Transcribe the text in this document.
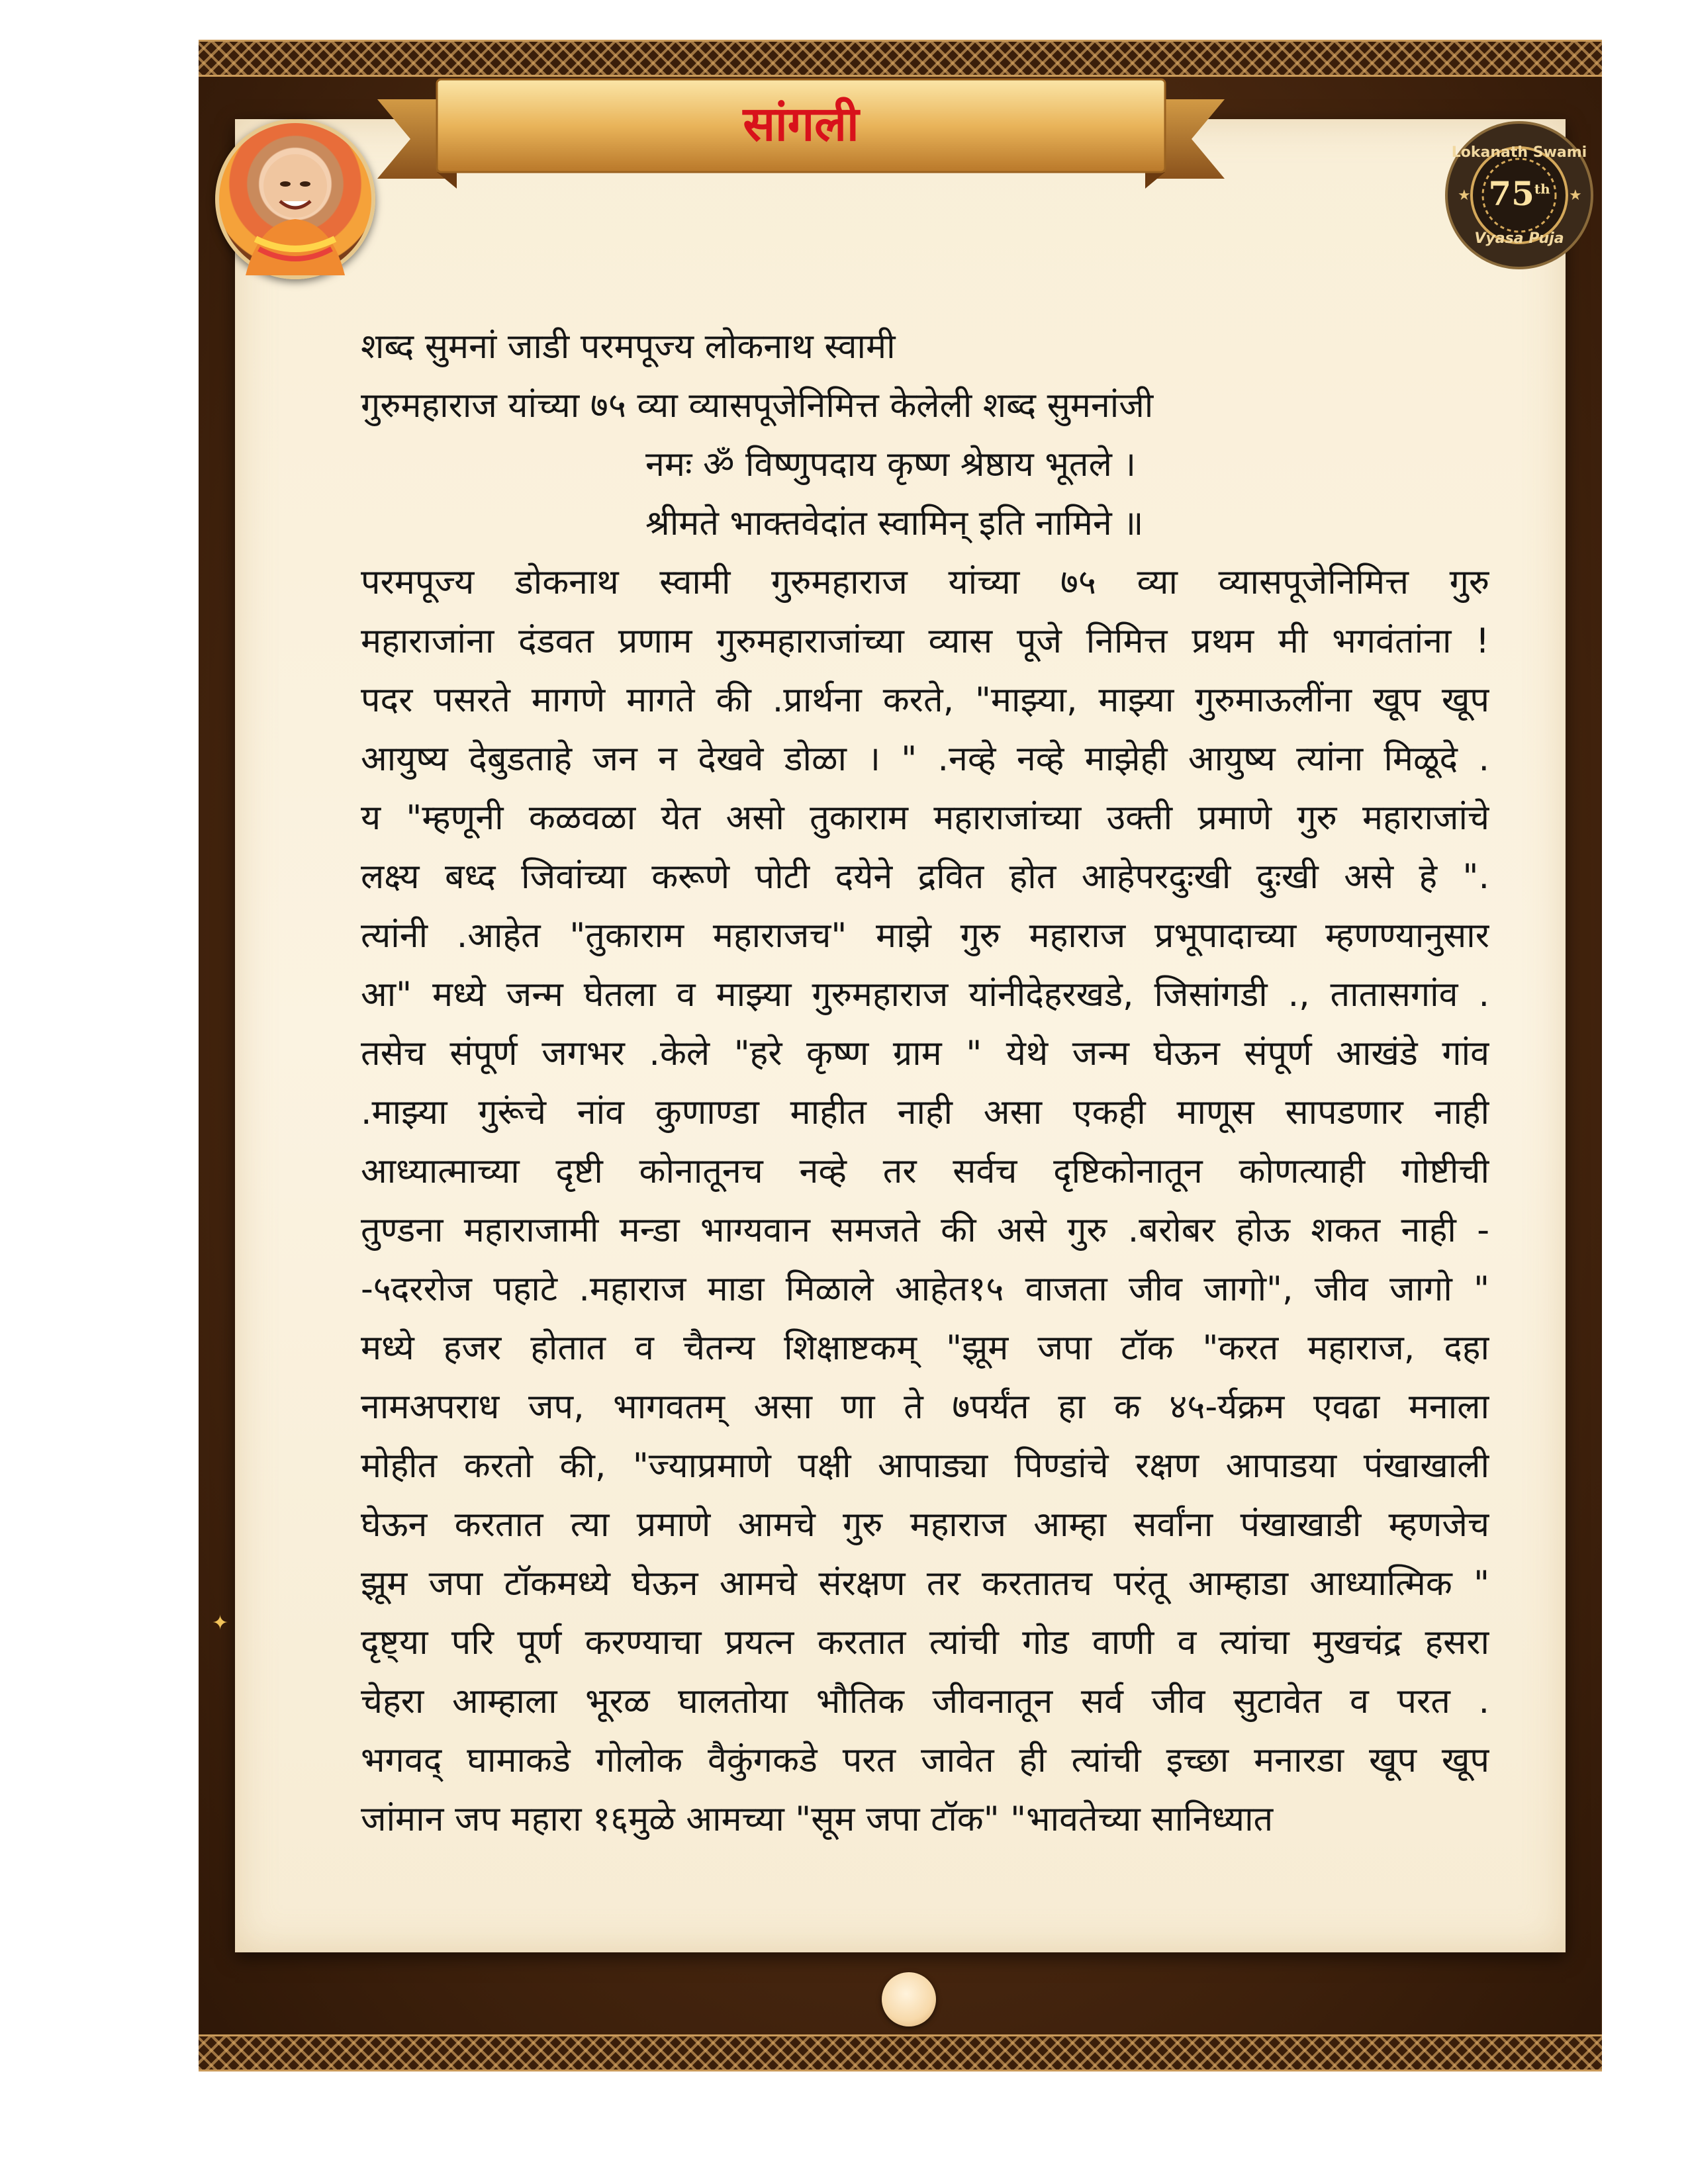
सांगली
★	★
Lokanath Swami
75th
Vyasa Puja
✦
शब्द सुमनां जाडी परमपूज्य लोकनाथ स्वामी
गुरुमहाराज यांच्या ७५ व्या व्यासपूजेनिमित्त केलेली शब्द सुमनांजी
नमः ॐ विष्णुपदाय कृष्ण श्रेष्ठाय भूतले ।
श्रीमते भाक्तवेदांत स्वामिन् इति नामिने ॥
परमपूज्य डोकनाथ स्वामी गुरुमहाराज यांच्या ७५ व्या व्यासपूजेनिमित्त गुरु
महाराजांना दंडवत प्रणाम गुरुमहाराजांच्या व्यास पूजे निमित्त प्रथम मी भगवंतांना !
पदर पसरते मागणे मागते की .प्रार्थना करते, "माझ्या, माझ्या गुरुमाऊलींना खूप खूप
आयुष्य देबुडताहे जन न देखवे डोळा । " .नव्हे नव्हे माझेही आयुष्य त्यांना मिळूदे .
य "म्हणूनी कळवळा येत असो तुकाराम महाराजांच्या उक्ती प्रमाणे गुरु महाराजांचे
लक्ष्य बध्द जिवांच्या करूणे पोटी दयेने द्रवित होत आहेपरदुःखी दुःखी असे हे ".
त्यांनी .आहेत "तुकाराम महाराजच" माझे गुरु महाराज प्रभूपादाच्या म्हणण्यानुसार
आ" मध्ये जन्म घेतला व माझ्या गुरुमहाराज यांनीदेहरखडे, जिसांगडी ., तातासगांव .
तसेच संपूर्ण जगभर .केले "हरे कृष्ण ग्राम " येथे जन्म घेऊन संपूर्ण आखंडे गांव
.माझ्या गुरूंचे नांव कुणाण्डा माहीत नाही असा एकही माणूस सापडणार नाही
आध्यात्माच्या दृष्टी कोनातूनच नव्हे तर सर्वच दृष्टिकोनातून कोणत्याही गोष्टीची
तुण्डना महाराजामी मन्डा भाग्यवान समजते की असे गुरु .बरोबर होऊ शकत नाही -
-५दररोज पहाटे .महाराज माडा मिळाले आहेत१५ वाजता जीव जागो", जीव जागो "
मध्ये हजर होतात व चैतन्य शिक्षाष्टकम् "झूम जपा टॉक "करत महाराज, दहा
नामअपराध जप, भागवतम् असा णा ते ७पर्यंत हा क ४५-र्यक्रम एवढा मनाला
मोहीत करतो की, "ज्याप्रमाणे पक्षी आपाड्या पिण्डांचे रक्षण आपाडया पंखाखाली
घेऊन करतात त्या प्रमाणे आमचे गुरु महाराज आम्हा सर्वांना पंखाखाडी म्हणजेच
झूम जपा टॉकमध्ये घेऊन आमचे संरक्षण तर करतातच परंतू आम्हाडा आध्यात्मिक "
दृष्ट्या परि पूर्ण करण्याचा प्रयत्न करतात त्यांची गोड वाणी व त्यांचा मुखचंद्र हसरा
चेहरा आम्हाला भूरळ घालतोया भौतिक जीवनातून सर्व जीव सुटावेत व परत .
भगवद् घामाकडे गोलोक वैकुंगकडे परत जावेत ही त्यांची इच्छा मनारडा खूप खूप
जांमान जप महारा १६मुळे आमच्या "सूम जपा टॉक" "भावतेच्या सानिध्यात
